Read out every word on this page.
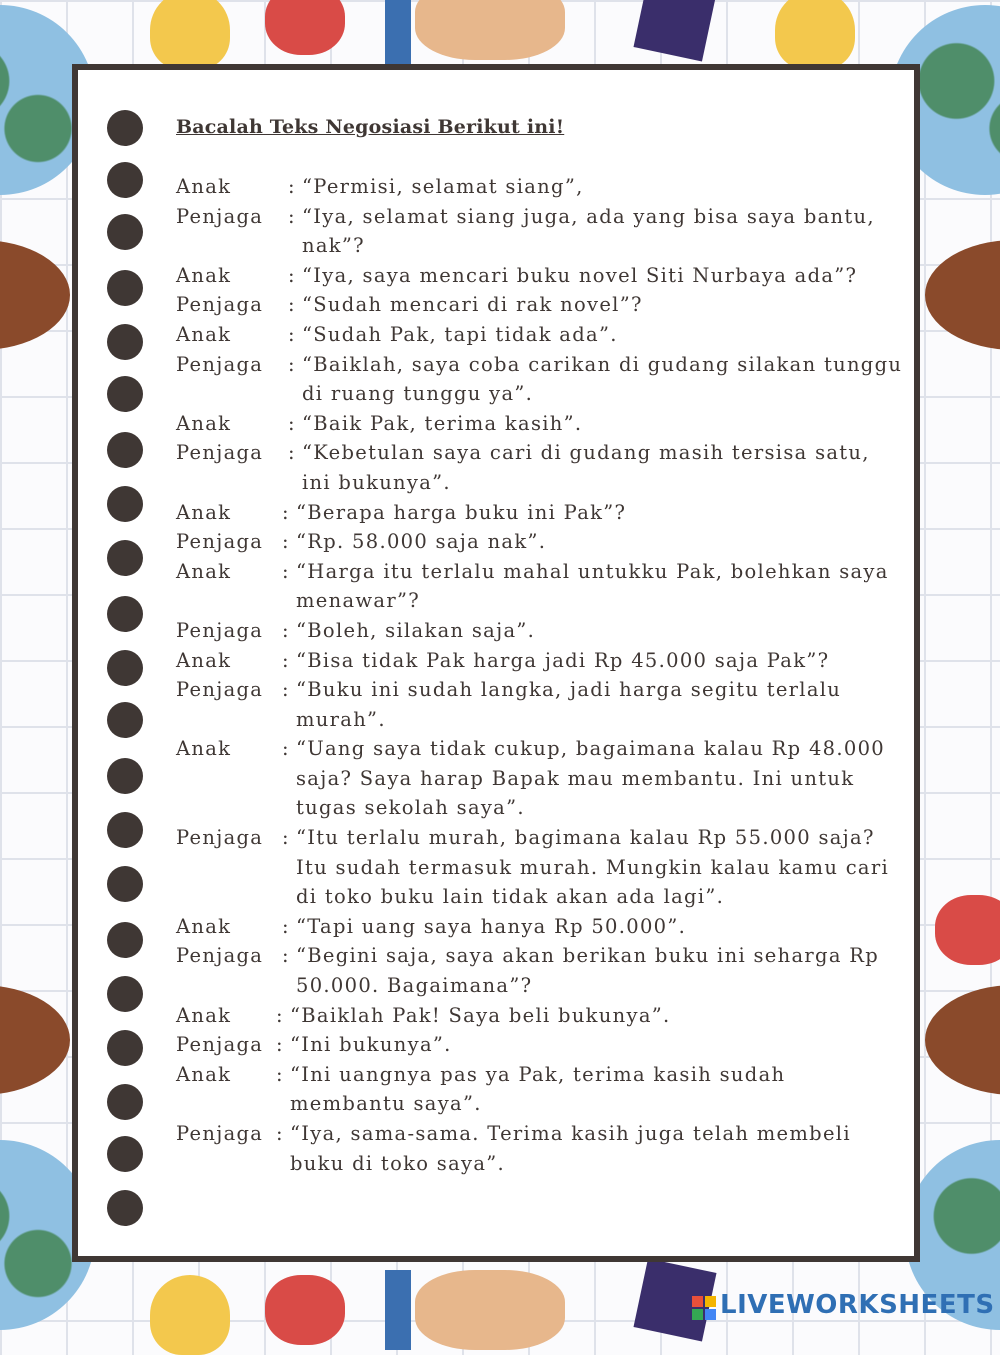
Bacalah Teks Negosiasi Berikut ini!
Anak	: “Permisi, selamat siang”,
Penjaga : “Iya, selamat siang juga, ada yang bisa saya bantu, nak”?
Anak	: “Iya, saya mencari buku novel Siti Nurbaya ada”?
Penjaga : “Sudah mencari di rak novel”?
Anak	: “Sudah Pak, tapi tidak ada”.
Penjaga : “Baiklah, saya coba carikan di gudang silakan tunggu di ruang tunggu ya”.
Anak	: “Baik Pak, terima kasih”.
Penjaga : “Kebetulan saya cari di gudang masih tersisa satu, ini bukunya”.
Anak	: “Berapa harga buku ini Pak”?
Penjaga : “Rp. 58.000 saja nak”.
Anak	: “Harga itu terlalu mahal untukku Pak, bolehkan saya menawar”?
Penjaga : “Boleh, silakan saja”.
Anak	: “Bisa tidak Pak harga jadi Rp 45.000 saja Pak”?
Penjaga : “Buku ini sudah langka, jadi harga segitu terlalu murah”.
Anak	: “Uang saya tidak cukup, bagaimana kalau Rp 48.000 saja? Saya harap Bapak mau membantu. Ini untuk tugas sekolah saya”.
Penjaga : “Itu terlalu murah, bagimana kalau Rp 55.000 saja? Itu sudah termasuk murah. Mungkin kalau kamu cari di toko buku lain tidak akan ada lagi”.
Anak	: “Tapi uang saya hanya Rp 50.000”.
Penjaga : “Begini saja, saya akan berikan buku ini seharga Rp 50.000. Bagaimana”?
Anak : “Baiklah Pak! Saya beli bukunya”.
Penjaga : “Ini bukunya”.
Anak : “Ini uangnya pas ya Pak, terima kasih sudah membantu saya”.
Penjaga : “Iya, sama-sama. Terima kasih juga telah membeli buku di toko saya”.
LIVEWORKSHEETS
